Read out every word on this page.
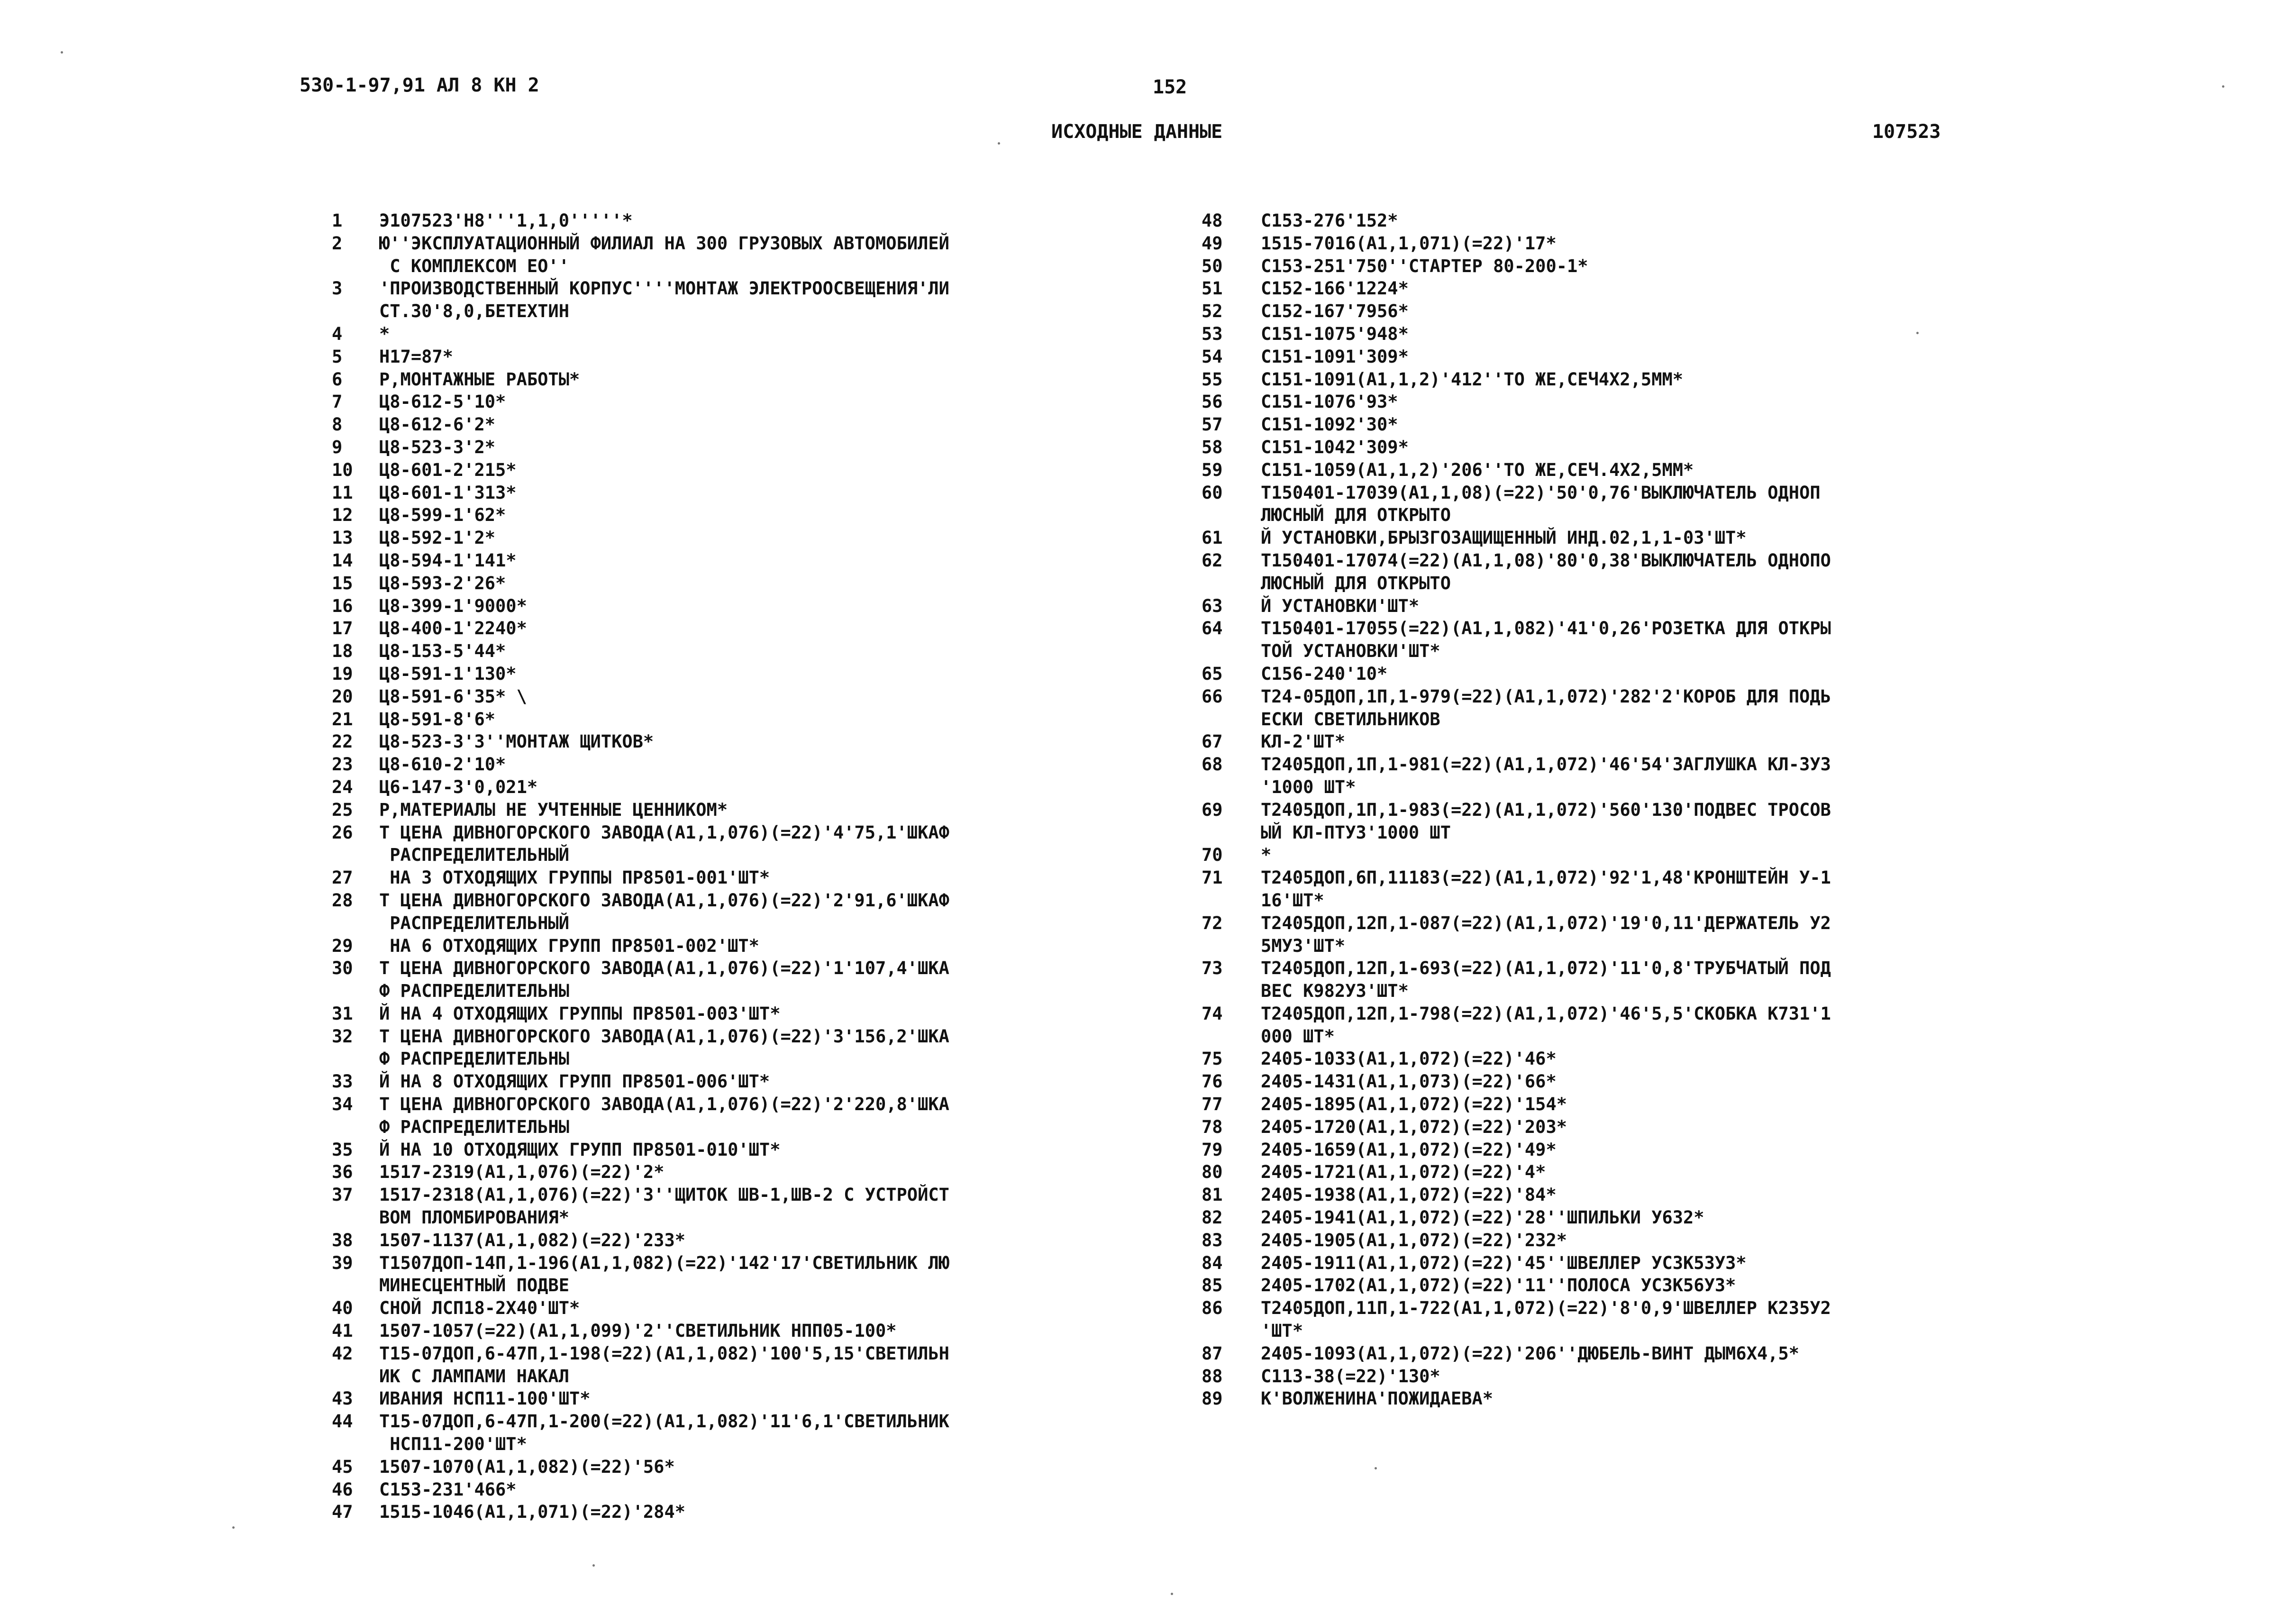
530-1-97,91 АЛ 8 КН 2	152
ИСХОДНЫЕ ДАННЫЕ	107523
1	Э107523'Н8'''1,1,0'''''*
2	Ю''ЭКСПЛУАТАЦИОННЫЙ ФИЛИАЛ НА 300 ГРУЗОВЫХ АВТОМОБИЛЕЙ
С КОМПЛЕКСОМ ЕО''
3	'ПРОИЗВОДСТВЕННЫЙ КОРПУС''''МОНТАЖ ЭЛЕКТРООСВЕЩЕНИЯ'ЛИ
СТ.30'8,0,БЕТЕХТИН
4	*
5	Н17=87*
6	Р,МОНТАЖНЫЕ РАБОТЫ*
7	Ц8-612-5'10*
8	Ц8-612-6'2*
9	Ц8-523-3'2*
10	Ц8-601-2'215*
11	Ц8-601-1'313*
12	Ц8-599-1'62*
13	Ц8-592-1'2*
14	Ц8-594-1'141*
15	Ц8-593-2'26*
16	Ц8-399-1'9000*
17	Ц8-400-1'2240*
18	Ц8-153-5'44*
19	Ц8-591-1'130*
20	Ц8-591-6'35* \
21	Ц8-591-8'6*
22	Ц8-523-3'3''МОНТАЖ ЩИТКОВ*
23	Ц8-610-2'10*
24	Ц6-147-3'0,021*
25	Р,МАТЕРИАЛЫ НЕ УЧТЕННЫЕ ЦЕННИКОМ*
26	Т ЦЕНА ДИВНОГОРСКОГО ЗАВОДА(А1,1,076)(=22)'4'75,1'ШКАФ
РАСПРЕДЕЛИТЕЛЬНЫЙ
27	НА 3 ОТХОДЯЩИХ ГРУППЫ ПР8501-001'ШТ*
28	Т ЦЕНА ДИВНОГОРСКОГО ЗАВОДА(А1,1,076)(=22)'2'91,6'ШКАФ
РАСПРЕДЕЛИТЕЛЬНЫЙ
29	НА 6 ОТХОДЯЩИХ ГРУПП ПР8501-002'ШТ*
30	Т ЦЕНА ДИВНОГОРСКОГО ЗАВОДА(А1,1,076)(=22)'1'107,4'ШКА
Ф РАСПРЕДЕЛИТЕЛЬНЫ
31	Й НА 4 ОТХОДЯЩИХ ГРУППЫ ПР8501-003'ШТ*
32	Т ЦЕНА ДИВНОГОРСКОГО ЗАВОДА(А1,1,076)(=22)'3'156,2'ШКА
Ф РАСПРЕДЕЛИТЕЛЬНЫ
33	Й НА 8 ОТХОДЯЩИХ ГРУПП ПР8501-006'ШТ*
34	Т ЦЕНА ДИВНОГОРСКОГО ЗАВОДА(А1,1,076)(=22)'2'220,8'ШКА
Ф РАСПРЕДЕЛИТЕЛЬНЫ
35	Й НА 10 ОТХОДЯЩИХ ГРУПП ПР8501-010'ШТ*
36	1517-2319(А1,1,076)(=22)'2*
37	1517-2318(А1,1,076)(=22)'3''ЩИТОК ШВ-1,ШВ-2 С УСТРОЙСТ
ВОМ ПЛОМБИРОВАНИЯ*
38	1507-1137(А1,1,082)(=22)'233*
39	Т1507ДОП-14П,1-196(А1,1,082)(=22)'142'17'СВЕТИЛЬНИК ЛЮ
МИНЕСЦЕНТНЫЙ ПОДВЕ
40	СНОЙ ЛСП18-2Х40'ШТ*
41	1507-1057(=22)(А1,1,099)'2''СВЕТИЛЬНИК НПП05-100*
42	Т15-07ДОП,6-47П,1-198(=22)(А1,1,082)'100'5,15'СВЕТИЛЬН
ИК С ЛАМПАМИ НАКАЛ
43	ИВАНИЯ НСП11-100'ШТ*
44	Т15-07ДОП,6-47П,1-200(=22)(А1,1,082)'11'6,1'СВЕТИЛЬНИК
НСП11-200'ШТ*
45	1507-1070(А1,1,082)(=22)'56*
46	С153-231'466*
47	1515-1046(А1,1,071)(=22)'284*
48	С153-276'152*
49	1515-7016(А1,1,071)(=22)'17*
50	С153-251'750''СТАРТЕР 80-200-1*
51	С152-166'1224*
52	С152-167'7956*
53	С151-1075'948*
54	С151-1091'309*
55	С151-1091(А1,1,2)'412''ТО ЖЕ,СЕЧ4Х2,5ММ*
56	С151-1076'93*
57	С151-1092'30*
58	С151-1042'309*
59	С151-1059(А1,1,2)'206''ТО ЖЕ,СЕЧ.4Х2,5ММ*
60	Т150401-17039(А1,1,08)(=22)'50'0,76'ВЫКЛЮЧАТЕЛЬ ОДНОП
ЛЮСНЫЙ ДЛЯ ОТКРЫТО
61	Й УСТАНОВКИ,БРЫЗГОЗАЩИЩЕННЫЙ ИНД.02,1,1-03'ШТ*
62	Т150401-17074(=22)(А1,1,08)'80'0,38'ВЫКЛЮЧАТЕЛЬ ОДНОПО
ЛЮСНЫЙ ДЛЯ ОТКРЫТО
63	Й УСТАНОВКИ'ШТ*
64	Т150401-17055(=22)(А1,1,082)'41'0,26'РОЗЕТКА ДЛЯ ОТКРЫ
ТОЙ УСТАНОВКИ'ШТ*
65	С156-240'10*
66	Т24-05ДОП,1П,1-979(=22)(А1,1,072)'282'2'КОРОБ ДЛЯ ПОДЬ
ЕСКИ СВЕТИЛЬНИКОВ
67	КЛ-2'ШТ*
68	Т2405ДОП,1П,1-981(=22)(А1,1,072)'46'54'ЗАГЛУШКА КЛ-3У3
'1000 ШТ*
69	Т2405ДОП,1П,1-983(=22)(А1,1,072)'560'130'ПОДВЕС ТРОСОВ
ЫЙ КЛ-ПТУ3'1000 ШТ
70	*
71	Т2405ДОП,6П,11183(=22)(А1,1,072)'92'1,48'КРОНШТЕЙН У-1
16'ШТ*
72	Т2405ДОП,12П,1-087(=22)(А1,1,072)'19'0,11'ДЕРЖАТЕЛЬ У2
5МУ3'ШТ*
73	Т2405ДОП,12П,1-693(=22)(А1,1,072)'11'0,8'ТРУБЧАТЫЙ ПОД
ВЕС К982У3'ШТ*
74	Т2405ДОП,12П,1-798(=22)(А1,1,072)'46'5,5'СКОБКА К731'1
000 ШТ*
75	2405-1033(А1,1,072)(=22)'46*
76	2405-1431(А1,1,073)(=22)'66*
77	2405-1895(А1,1,072)(=22)'154*
78	2405-1720(А1,1,072)(=22)'203*
79	2405-1659(А1,1,072)(=22)'49*
80	2405-1721(А1,1,072)(=22)'4*
81	2405-1938(А1,1,072)(=22)'84*
82	2405-1941(А1,1,072)(=22)'28''ШПИЛЬКИ У632*
83	2405-1905(А1,1,072)(=22)'232*
84	2405-1911(А1,1,072)(=22)'45''ШВЕЛЛЕР УС3К53У3*
85	2405-1702(А1,1,072)(=22)'11''ПОЛОСА УС3К56У3*
86	Т2405ДОП,11П,1-722(А1,1,072)(=22)'8'0,9'ШВЕЛЛЕР К235У2
'ШТ*
87	2405-1093(А1,1,072)(=22)'206''ДЮБЕЛЬ-ВИНТ ДЫМ6Х4,5*
88	С113-38(=22)'130*
89	К'ВОЛЖЕНИНА'ПОЖИДАЕВА*
